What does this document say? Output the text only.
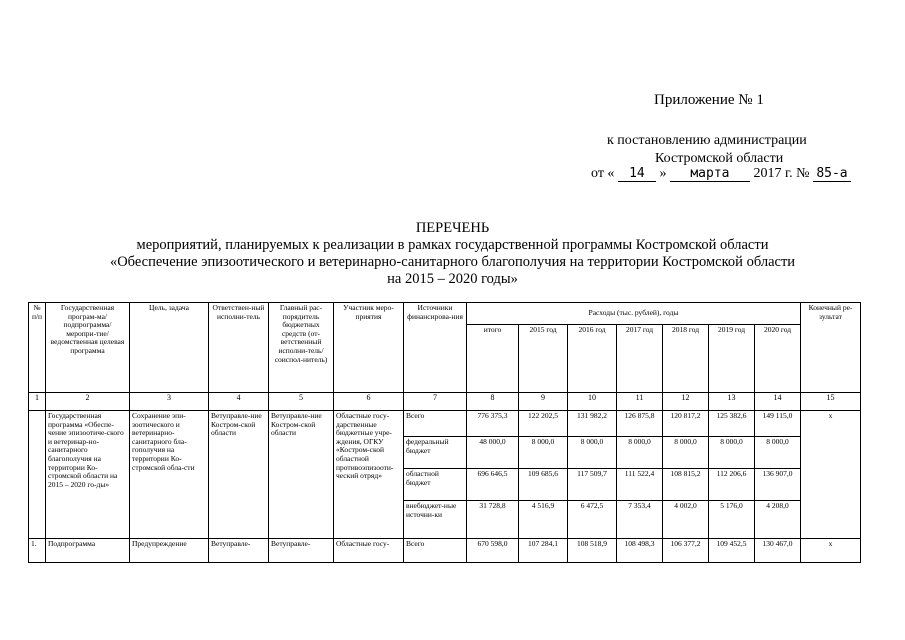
Приложение № 1
к постановлению администрации
Костромской области
от « 14 » марта 2017 г. № 85-а
ПЕРЕЧЕНЬ
мероприятий, планируемых к реализации в рамках государственной программы Костромской области
«Обеспечение эпизоотического и ветеринарно-санитарного благополучия на территории Костромской области
на 2015 – 2020 годы»
№ п/п	Государственная програм-ма/подпрограмма/ меропри-тие/ведомственная целевая программа	Цель, задача	Ответствен-ный исполни-тель	Главный рас-порядитель бюджетных средств (от-ветственный исполни-тель/соиспол-нитель)	Участник меро-приятия	Источники финансирова-ния	Расходы (тыс. рублей), годы							Конечный ре-зультат
							итого	2015 год	2016 год	2017 год	2018 год	2019 год	2020 год	
1	2	3	4	5	6	7	8	9	10	11	12	13	14	15
	Государственная программа «Обеспе-чение эпизоотиче-ского и ветеринар-но-санитарного благополучия на территории Ко-стромской области на 2015 – 2020 го-ды»	Сохранение эпи-зоотического и ветеринарно-санитарного бла-гополучия на территории Ко-стромской обла-сти	Ветуправле-ние Костром-ской области	Ветуправле-ние Костром-ской области	Областные госу-дарственные бюджетные учре-ждения, ОГКУ «Костром-ской областной противоэпизооти-ческий отряд»	Всего	776 375,3	122 202,5	131 982,2	126 875,8	120 817,2	125 382,6	149 115,0	х
						федеральный бюджет	48 000,0	8 000,0	8 000,0	8 000,0	8 000,0	8 000,0	8 000,0	
						областной бюджет	696 646,5	109 685,6	117 509,7	111 522,4	108 815,2	112 206,6	136 907,0	
						внебюджет-ные источни-ки	31 728,8	4 516,9	6 472,5	7 353,4	4 002,0	5 176,0	4 208,0	
1.	Подпрограмма	Предупреждение	Ветуправле-	Ветуправле-	Областные госу-	Всего	670 598,0	107 284,1	108 518,9	108 498,3	106 377,2	109 452,5	130 467,0	х
